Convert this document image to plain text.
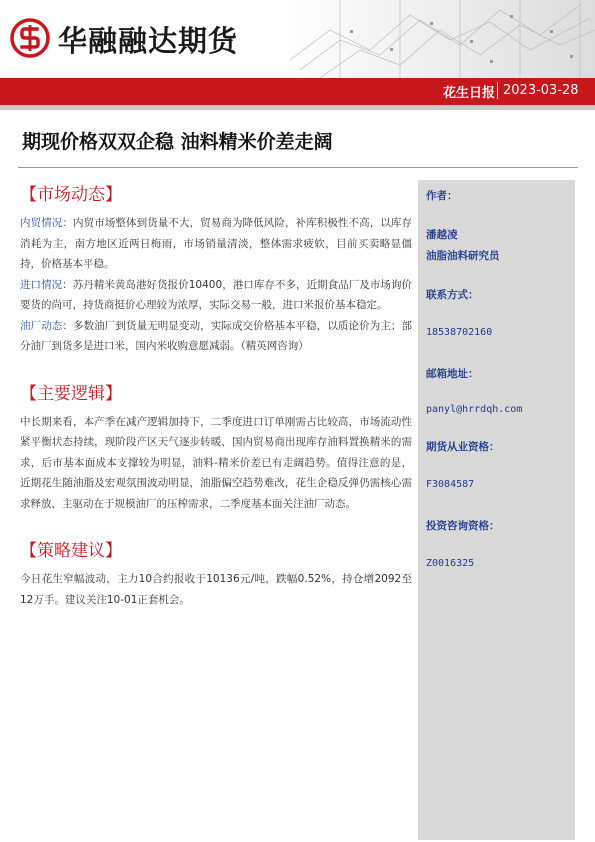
华融融达期货
花生日报 2023-03-28
期现价格双双企稳 油料精米价差走阔
【市场动态】

内贸情况：内贸市场整体到货量不大，贸易商为降低风险，补库积极性不高，以库存消耗为主，南方地区近两日梅雨，市场销量清淡，整体需求疲软，目前买卖略显僵持，价格基本平稳。

进口情况：苏丹精米黄岛港好货报价10400，港口库存不多，近期食品厂及市场询价要货的尚可，持货商挺价心理较为浓厚，实际交易一般，进口米报价基本稳定。

油厂动态：多数油厂到货量无明显变动，实际成交价格基本平稳，以质论价为主；部分油厂到货多是进口米，国内米收购意愿减弱。（精英网咨询）

【主要逻辑】

中长期来看，本产季在减产逻辑加持下，二季度进口订单刚需占比较高，市场流动性紧平衡状态持续，现阶段产区天气逐步转暖，国内贸易商出现库存油料置换精米的需求，后市基本面成本支撑较为明显，油料-精米价差已有走阔趋势。值得注意的是，近期花生随油脂及宏观氛围波动明显，油脂偏空趋势难改，花生企稳反弹仍需核心需求释放，主驱动在于规模油厂的压榨需求，二季度基本面关注油厂动态。

【策略建议】

今日花生窄幅波动，主力10合约报收于10136元/吨，跌幅0.52%，持仓增2092至12万手。建议关注10-01正套机会。

作者：
潘越凌
油脂油料研究员
联系方式：
18538702160
邮箱地址：
panyl@hrrdqh.com
期货从业资格：
F3084587
投资咨询资格：
Z0016325
